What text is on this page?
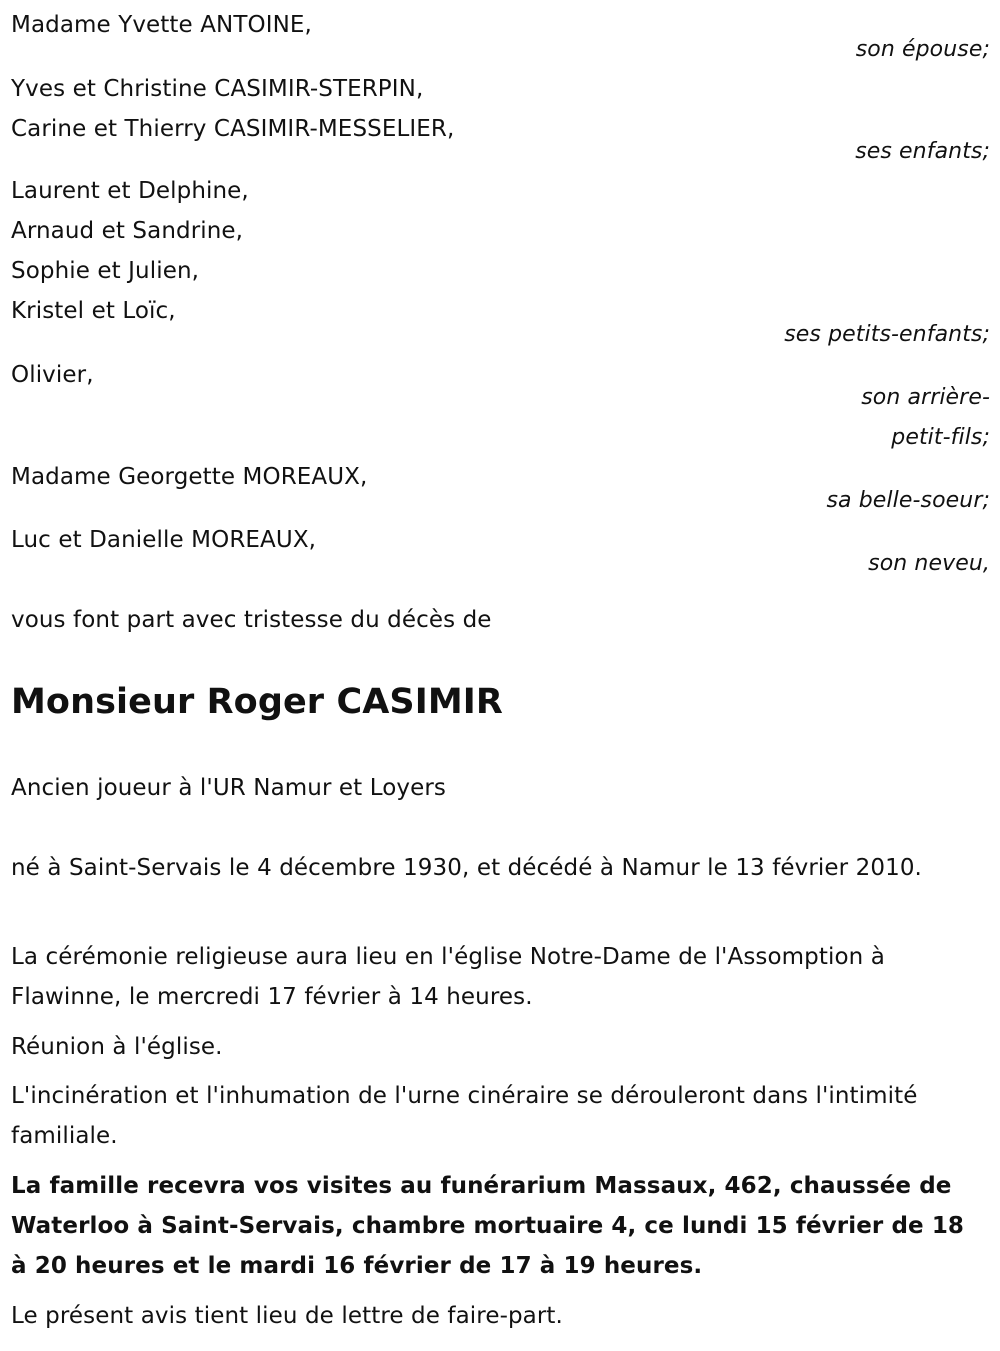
Madame Yvette ANTOINE,
son épouse;
Yves et Christine CASIMIR-STERPIN,
Carine et Thierry CASIMIR-MESSELIER,
ses enfants;
Laurent et Delphine,
Arnaud et Sandrine,
Sophie et Julien,
Kristel et Loïc,
ses petits-enfants;
Olivier,
son arrière-
petit-fils;
Madame Georgette MOREAUX,
sa belle-soeur;
Luc et Danielle MOREAUX,
son neveu,
vous font part avec tristesse du décès de
Monsieur Roger CASIMIR
Ancien joueur à l'UR Namur et Loyers
né à Saint-Servais le 4 décembre 1930, et décédé à Namur le 13 février 2010.
La cérémonie religieuse aura lieu en l'église Notre-Dame de l'Assomption à Flawinne, le mercredi 17 février à 14 heures.
Réunion à l'église.
L'incinération et l'inhumation de l'urne cinéraire se dérouleront dans l'intimité familiale.
La famille recevra vos visites au funérarium Massaux, 462, chaussée de Waterloo à Saint-Servais, chambre mortuaire 4, ce lundi 15 février de 18 à 20 heures et le mardi 16 février de 17 à 19 heures.
Le présent avis tient lieu de lettre de faire-part.
